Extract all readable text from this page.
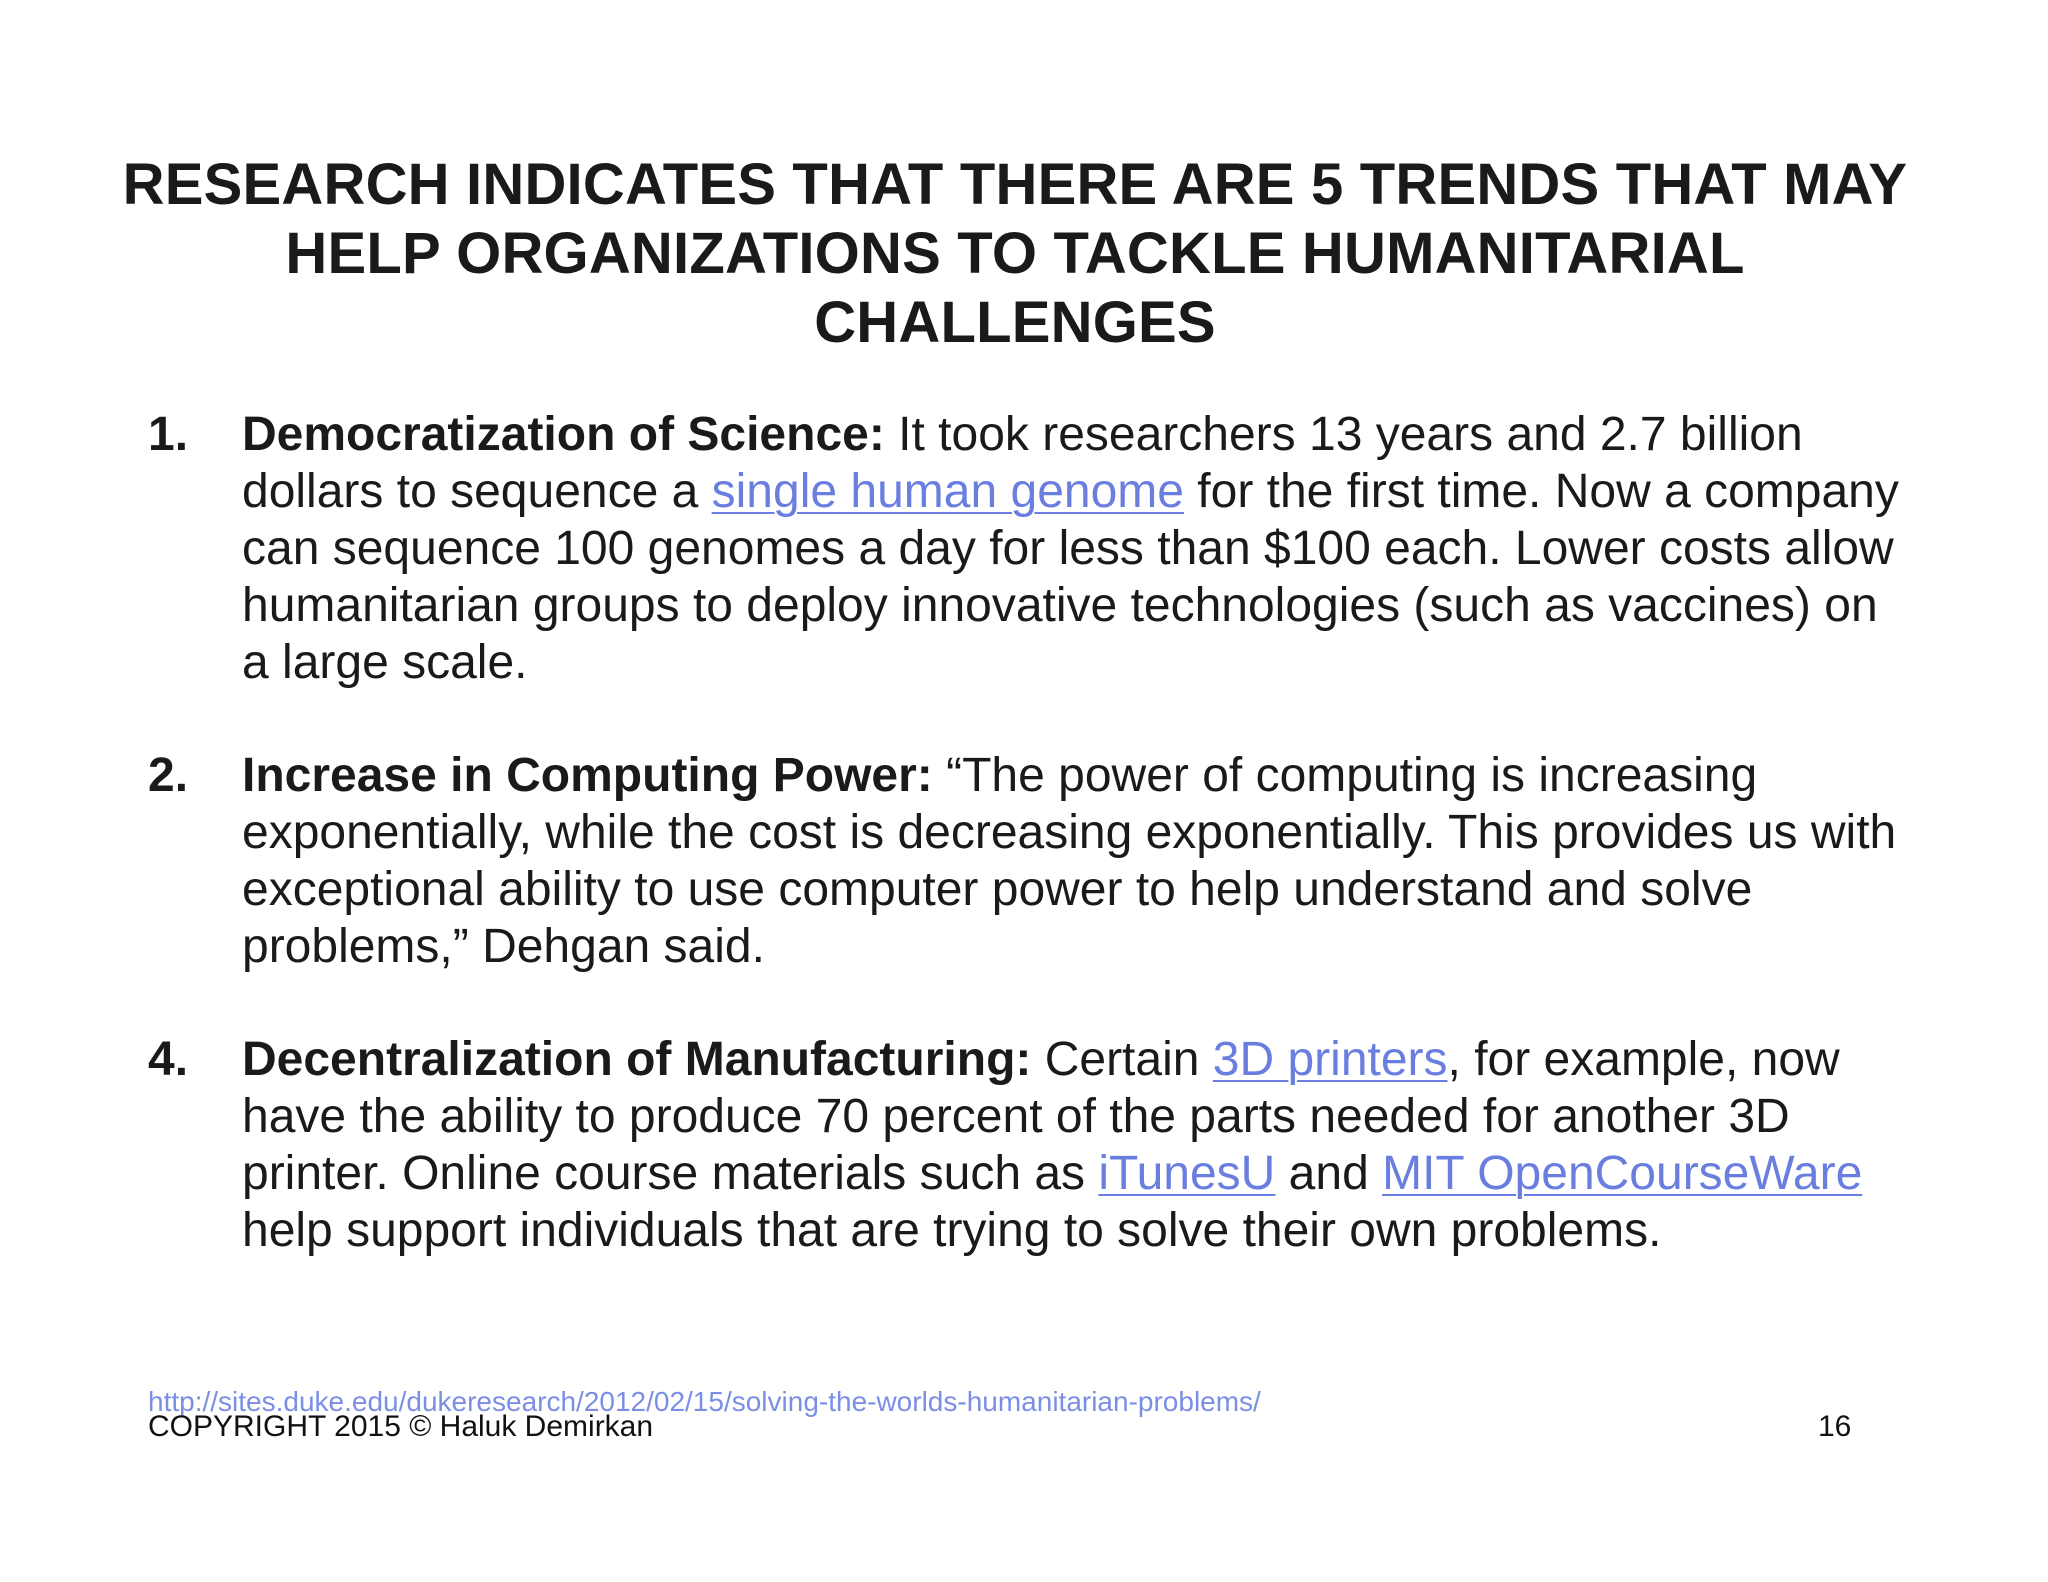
RESEARCH INDICATES THAT THERE ARE 5 TRENDS THAT MAY HELP ORGANIZATIONS TO TACKLE HUMANITARIAL CHALLENGES
1. Democratization of Science: It took researchers 13 years and 2.7 billion dollars to sequence a single human genome for the first time. Now a company can sequence 100 genomes a day for less than $100 each. Lower costs allow humanitarian groups to deploy innovative technologies (such as vaccines) on a large scale.
2. Increase in Computing Power: “The power of computing is increasing exponentially, while the cost is decreasing exponentially. This provides us with exceptional ability to use computer power to help understand and solve problems,” Dehgan said.
4. Decentralization of Manufacturing: Certain 3D printers, for example, now have the ability to produce 70 percent of the parts needed for another 3D printer. Online course materials such as iTunesU and MIT OpenCourseWare help support individuals that are trying to solve their own problems.
http://sites.duke.edu/dukeresearch/2012/02/15/solving-the-worlds-humanitarian-problems/
COPYRIGHT 2015 © Haluk Demirkan	16
